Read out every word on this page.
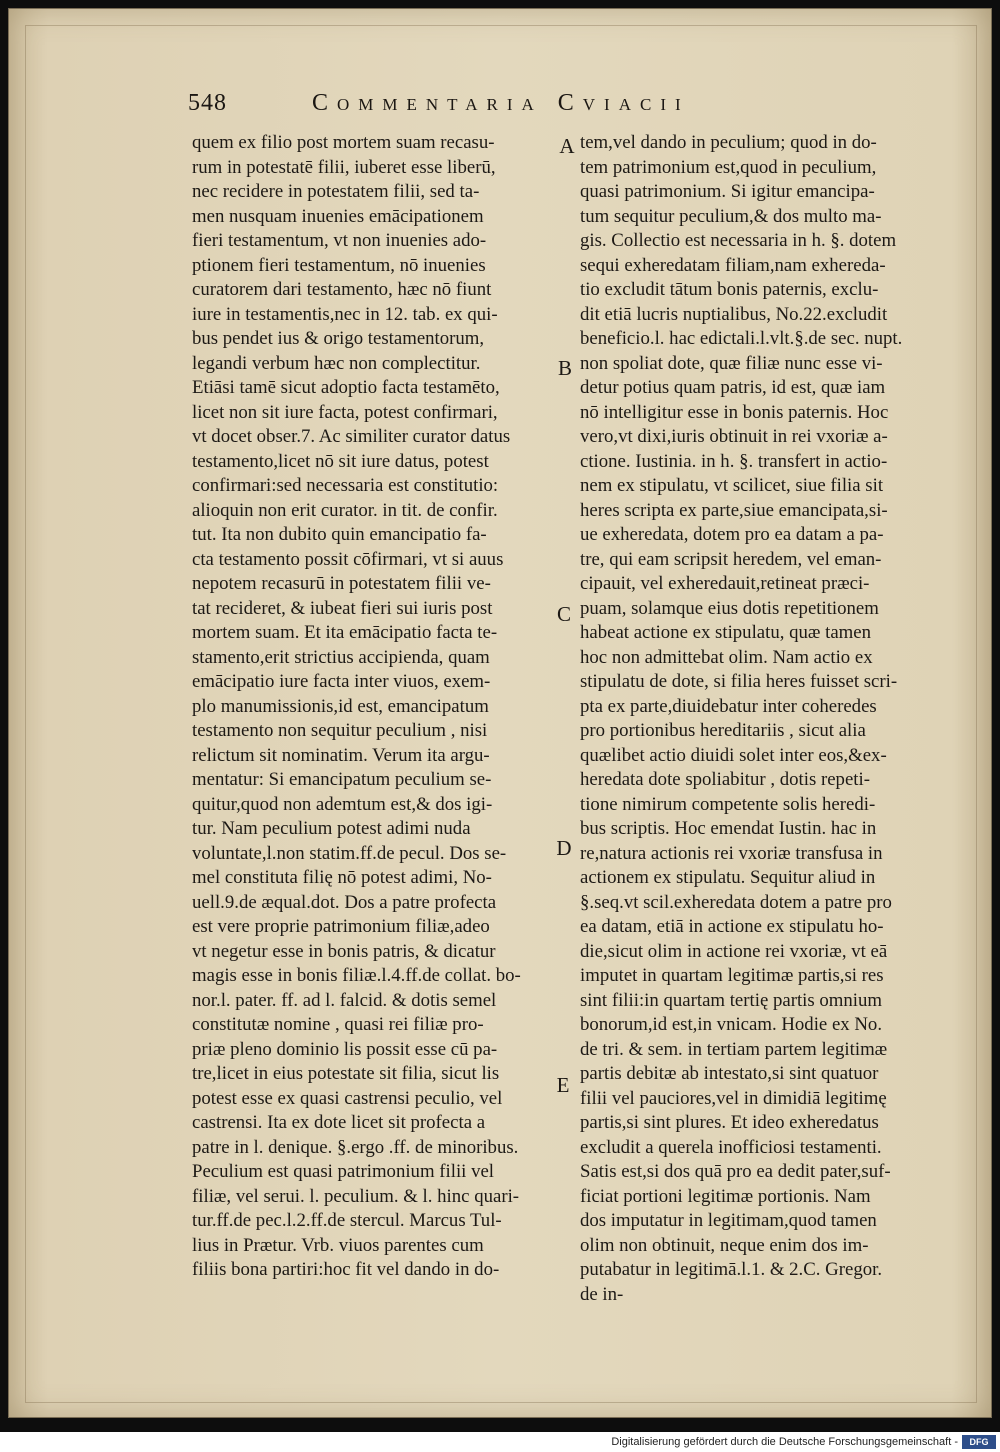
548	Commentaria Cviacii
quem ex filio post mortem suam recasu-
rum in potestatē filii, iuberet esse liberū,
nec recidere in potestatem filii, sed ta-
men nusquam inuenies emācipationem
fieri testamentum, vt non inuenies ado-
ptionem fieri testamentum, nō inuenies
curatorem dari testamento, hæc nō fiunt
iure in testamentis,nec in 12. tab. ex qui-
bus pendet ius & origo testamentorum,
legandi verbum hæc non complectitur.
Etiāsi tamē sicut adoptio facta testamēto,
licet non sit iure facta, potest confirmari,
vt docet obser.7. Ac similiter curator datus
testamento,licet nō sit iure datus, potest
confirmari:sed necessaria est constitutio:
alioquin non erit curator. in tit. de confir.
tut. Ita non dubito quin emancipatio fa-
cta testamento possit cōfirmari, vt si auus
nepotem recasurū in potestatem filii ve-
tat recideret, & iubeat fieri sui iuris post
mortem suam. Et ita emācipatio facta te-
stamento,erit strictius accipienda, quam
emācipatio iure facta inter viuos, exem-
plo manumissionis,id est, emancipatum
testamento non sequitur peculium , nisi
relictum sit nominatim. Verum ita argu-
mentatur: Si emancipatum peculium se-
quitur,quod non ademtum est,& dos igi-
tur. Nam peculium potest adimi nuda
voluntate,l.non statim.ff.de pecul. Dos se-
mel constituta filię nō potest adimi, No-
uell.9.de æqual.dot. Dos a patre profecta
est vere proprie patrimonium filiæ,adeo
vt negetur esse in bonis patris, & dicatur
magis esse in bonis filiæ.l.4.ff.de collat. bo-
nor.l. pater. ff. ad l. falcid. & dotis semel
constitutæ nomine , quasi rei filiæ pro-
priæ pleno dominio lis possit esse cū pa-
tre,licet in eius potestate sit filia, sicut lis
potest esse ex quasi castrensi peculio, vel
castrensi. Ita ex dote licet sit profecta a
patre in l. denique. §.ergo .ff. de minoribus.
Peculium est quasi patrimonium filii vel
filiæ, vel serui. l. peculium. & l. hinc quari-
tur.ff.de pec.l.2.ff.de stercul. Marcus Tul-
lius in Prætur. Vrb. viuos parentes cum
filiis bona partiri:hoc fit vel dando in do-
tem,vel dando in peculium; quod in do-
tem patrimonium est,quod in peculium,
quasi patrimonium. Si igitur emancipa-
tum sequitur peculium,& dos multo ma-
gis. Collectio est necessaria in h. §. dotem
sequi exheredatam filiam,nam exhereda-
tio excludit tātum bonis paternis, exclu-
dit etiā lucris nuptialibus, No.22.excludit
beneficio.l. hac edictali.l.vlt.§.de sec. nupt.
non spoliat dote, quæ filiæ nunc esse vi-
detur potius quam patris, id est, quæ iam
nō intelligitur esse in bonis paternis. Hoc
vero,vt dixi,iuris obtinuit in rei vxoriæ a-
ctione. Iustinia. in h. §. transfert in actio-
nem ex stipulatu, vt scilicet, siue filia sit
heres scripta ex parte,siue emancipata,si-
ue exheredata, dotem pro ea datam a pa-
tre, qui eam scripsit heredem, vel eman-
cipauit, vel exheredauit,retineat præci-
puam, solamque eius dotis repetitionem
habeat actione ex stipulatu, quæ tamen
hoc non admittebat olim. Nam actio ex
stipulatu de dote, si filia heres fuisset scri-
pta ex parte,diuidebatur inter coheredes
pro portionibus hereditariis , sicut alia
quælibet actio diuidi solet inter eos,&ex-
heredata dote spoliabitur , dotis repeti-
tione nimirum competente solis heredi-
bus scriptis. Hoc emendat Iustin. hac in
re,natura actionis rei vxoriæ transfusa in
actionem ex stipulatu. Sequitur aliud in
§.seq.vt scil.exheredata dotem a patre pro
ea datam, etiā in actione ex stipulatu ho-
die,sicut olim in actione rei vxoriæ, vt eā
imputet in quartam legitimæ partis,si res
sint filii:in quartam tertię partis omnium
bonorum,id est,in vnicam. Hodie ex No.
de tri. & sem. in tertiam partem legitimæ
partis debitæ ab intestato,si sint quatuor
filii vel pauciores,vel in dimidiā legitimę
partis,si sint plures. Et ideo exheredatus
excludit a querela inofficiosi testamenti.
Satis est,si dos quā pro ea dedit pater,suf-
ficiat portioni legitimæ portionis. Nam
dos imputatur in legitimam,quod tamen
olim non obtinuit, neque enim dos im-
putabatur in legitimā.l.1. & 2.C. Gregor.
de in-
A
B
C
D
E
Digitalisierung gefördert durch die Deutsche Forschungsgemeinschaft -	DFG
